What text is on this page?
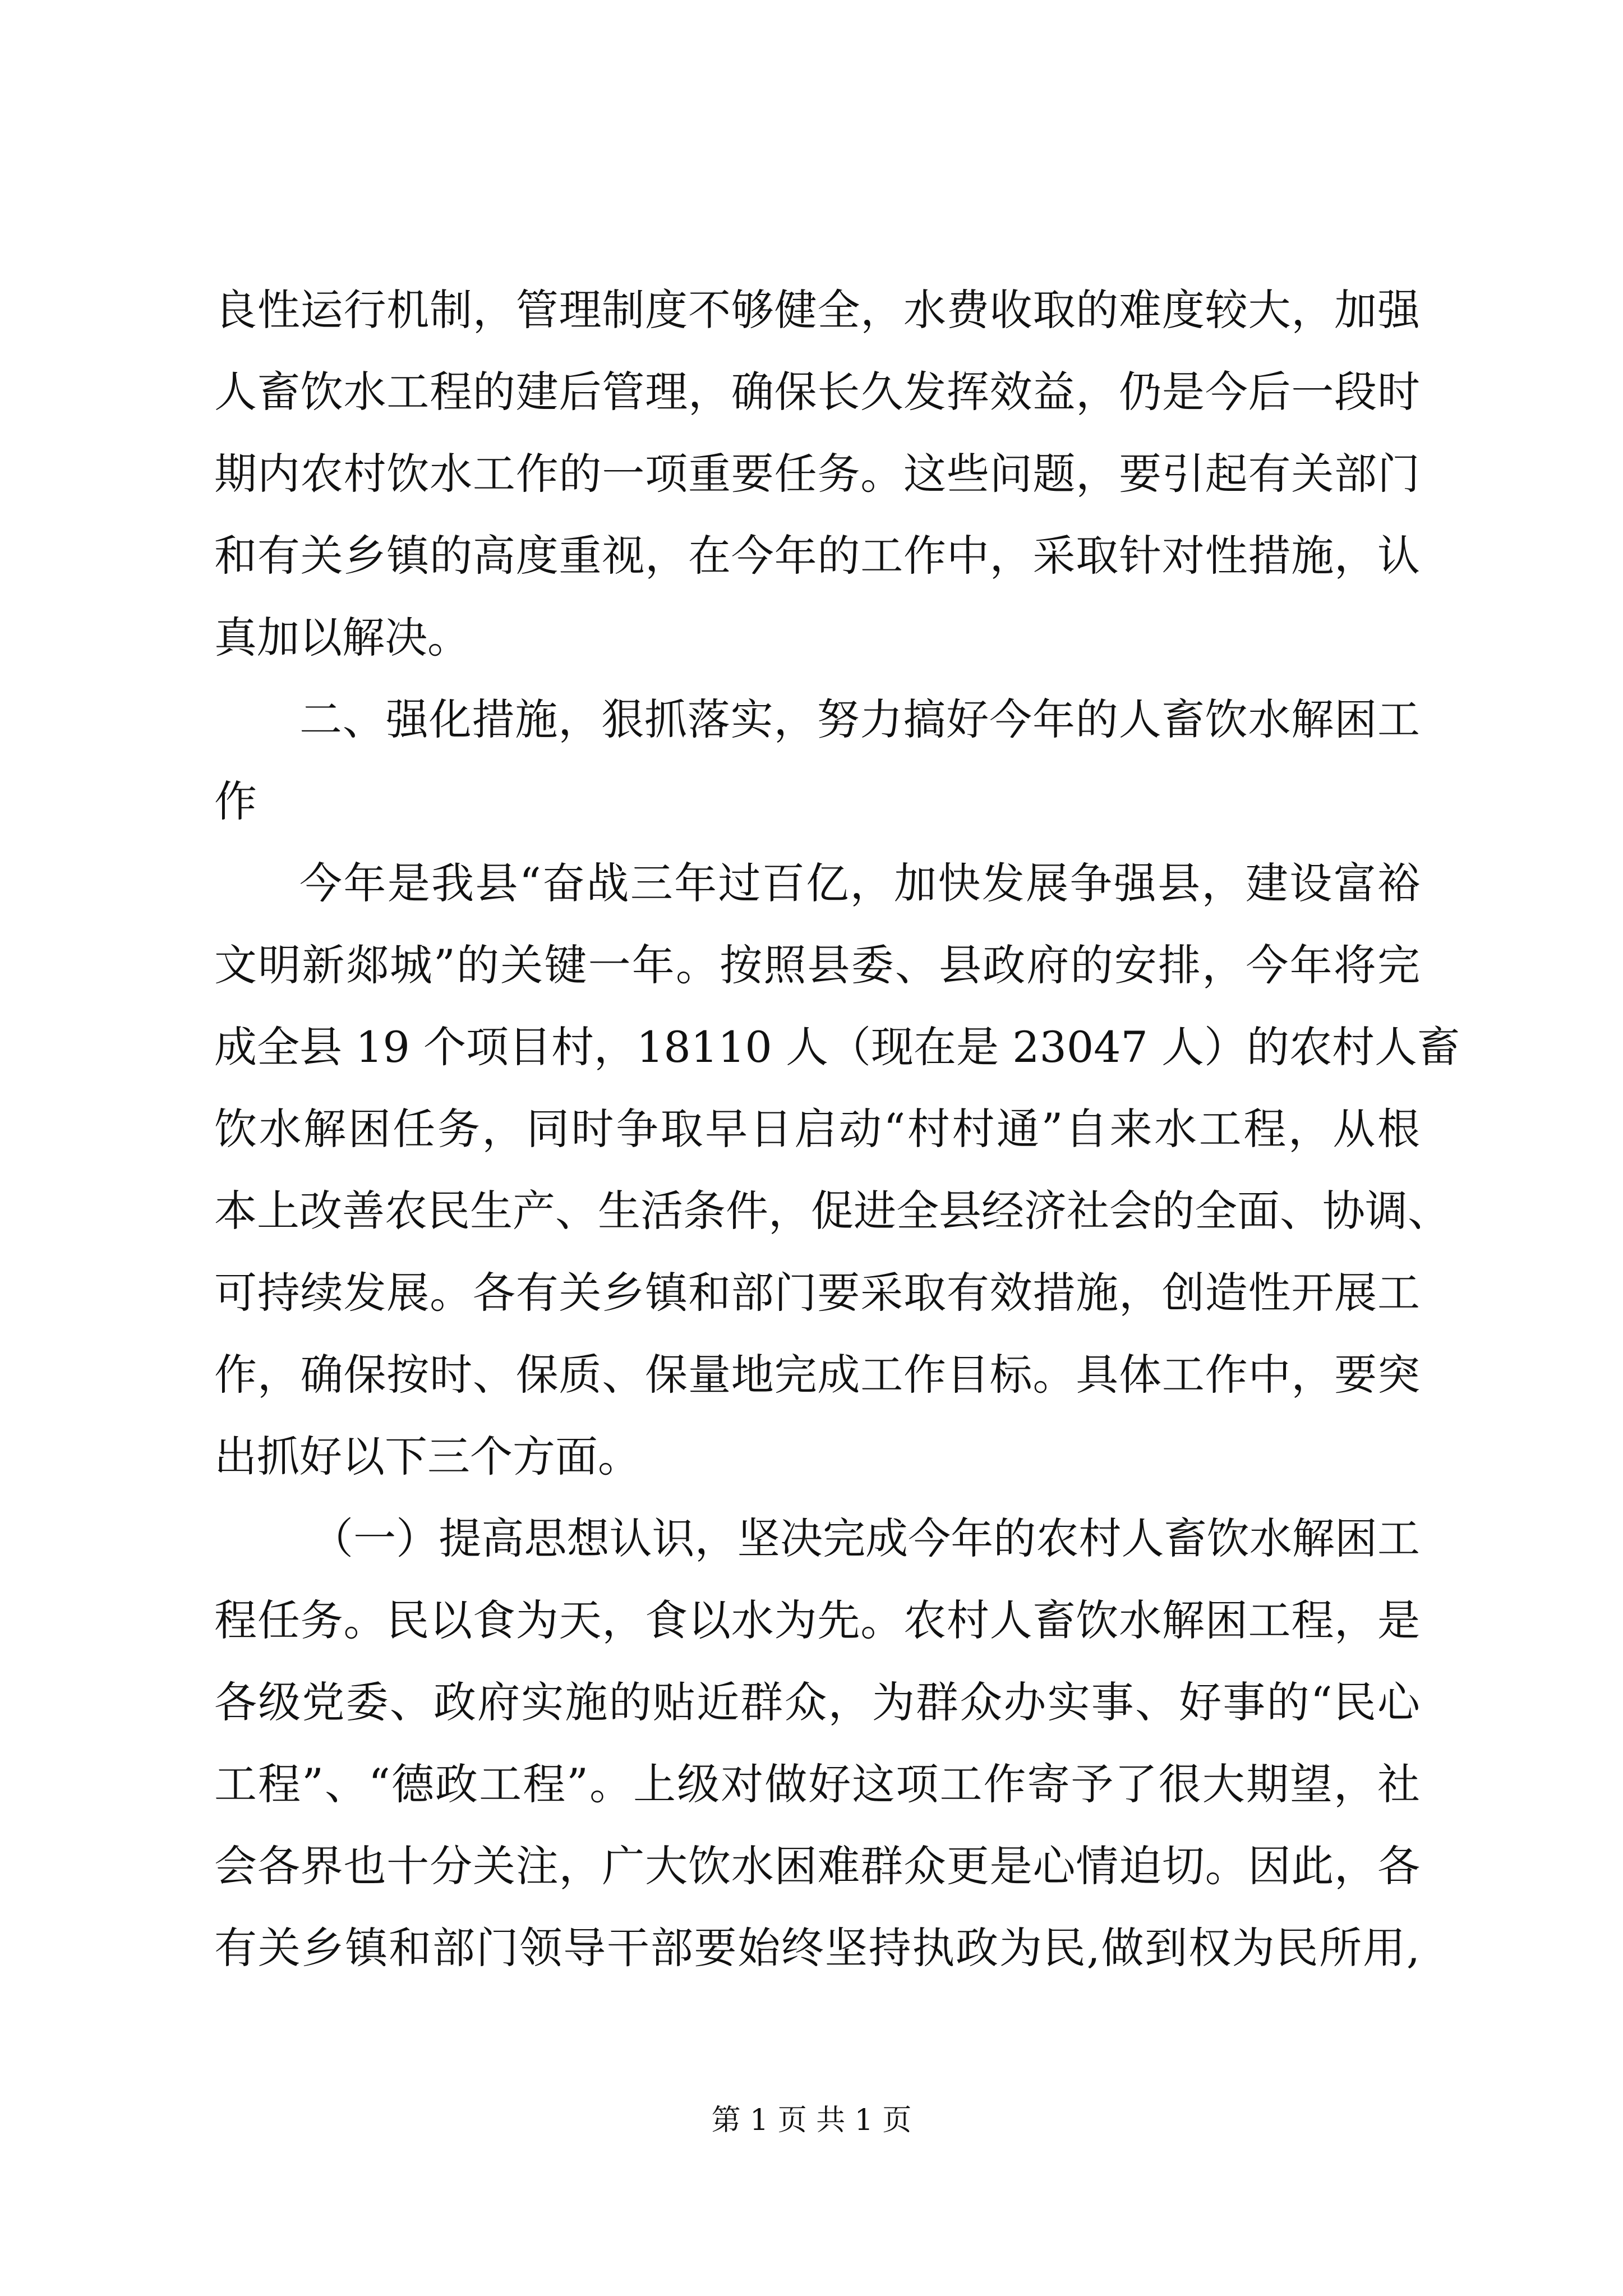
良性运行机制，管理制度不够健全，水费收取的难度较大，加强
人畜饮水工程的建后管理，确保长久发挥效益，仍是今后一段时
期内农村饮水工作的一项重要任务。这些问题，要引起有关部门
和有关乡镇的高度重视，在今年的工作中，采取针对性措施，认
真加以解决。
二、强化措施，狠抓落实，努力搞好今年的人畜饮水解困工
作
今年是我县“奋战三年过百亿，加快发展争强县，建设富裕
文明新郯城”的关键一年。按照县委、县政府的安排，今年将完
成全县 19 个项目村，18110 人（现在是 23047 人）的农村人畜
饮水解困任务，同时争取早日启动“村村通”自来水工程，从根
本上改善农民生产、生活条件，促进全县经济社会的全面、协调、
可持续发展。各有关乡镇和部门要采取有效措施，创造性开展工
作，确保按时、保质、保量地完成工作目标。具体工作中，要突
出抓好以下三个方面。
（一）提高思想认识，坚决完成今年的农村人畜饮水解困工
程任务。民以食为天，食以水为先。农村人畜饮水解困工程，是
各级党委、政府实施的贴近群众，为群众办实事、好事的“民心
工程”、“德政工程”。上级对做好这项工作寄予了很大期望，社
会各界也十分关注，广大饮水困难群众更是心情迫切。因此，各
有关乡镇和部门领导干部要始终坚持执政为民,做到权为民所用,
第 1 页 共 1 页
